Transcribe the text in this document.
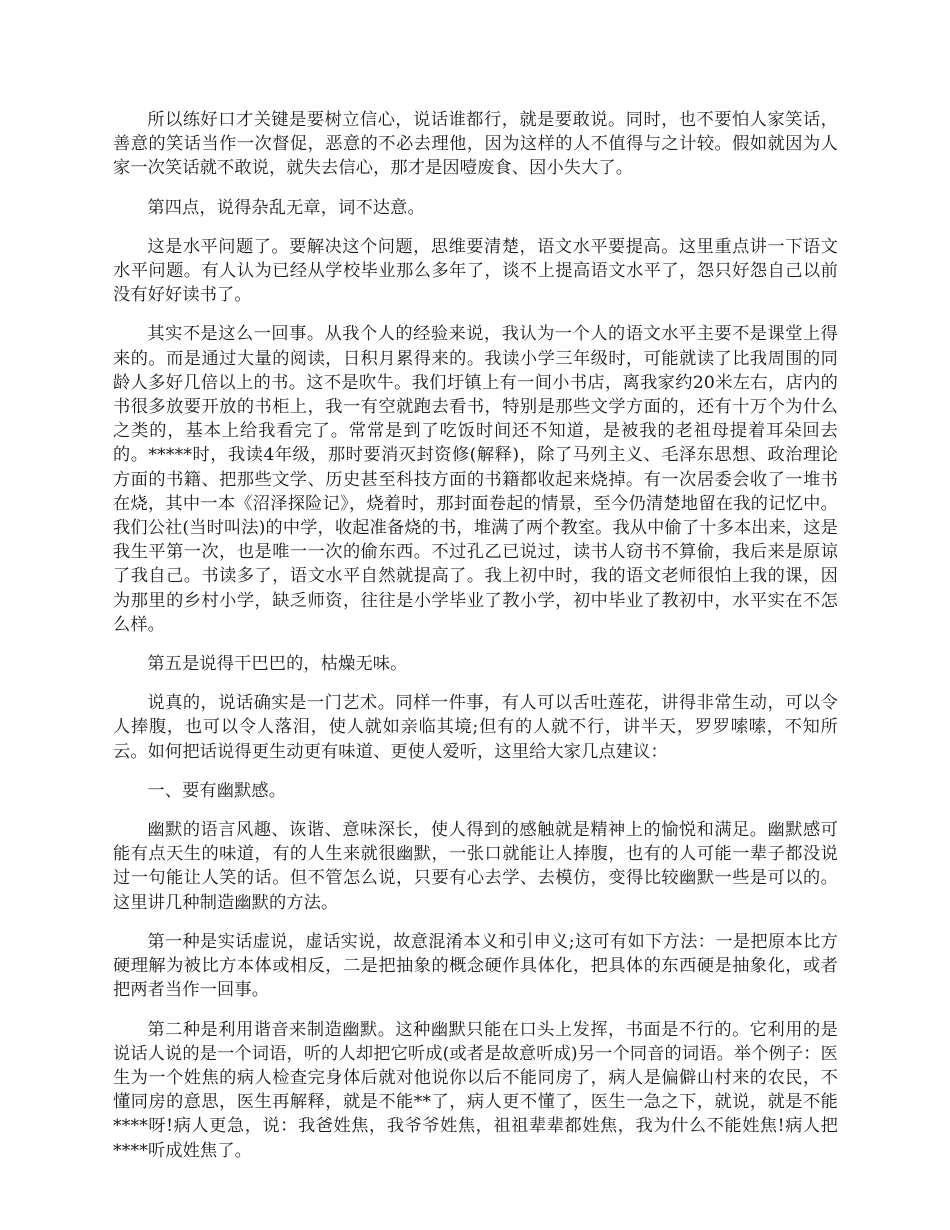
所以练好口才关键是要树立信心，说话谁都行，就是要敢说。同时，也不要怕人家笑话，善意的笑话当作一次督促，恶意的不必去理他，因为这样的人不值得与之计较。假如就因为人家一次笑话就不敢说，就失去信心，那才是因噎废食、因小失大了。

第四点，说得杂乱无章，词不达意。

这是水平问题了。要解决这个问题，思维要清楚，语文水平要提高。这里重点讲一下语文水平问题。有人认为已经从学校毕业那么多年了，谈不上提高语文水平了，怨只好怨自己以前没有好好读书了。

其实不是这么一回事。从我个人的经验来说，我认为一个人的语文水平主要不是课堂上得来的。而是通过大量的阅读，日积月累得来的。我读小学三年级时，可能就读了比我周围的同龄人多好几倍以上的书。这不是吹牛。我们圩镇上有一间小书店，离我家约20米左右，店内的书很多放要开放的书柜上，我一有空就跑去看书，特别是那些文学方面的，还有十万个为什么之类的，基本上给我看完了。常常是到了吃饭时间还不知道，是被我的老祖母提着耳朵回去的。*****时，我读4年级，那时要消灭封资修(解释)，除了马列主义、毛泽东思想、政治理论方面的书籍、把那些文学、历史甚至科技方面的书籍都收起来烧掉。有一次居委会收了一堆书在烧，其中一本《沼泽探险记》，烧着时，那封面卷起的情景，至今仍清楚地留在我的记忆中。我们公社(当时叫法)的中学，收起准备烧的书，堆满了两个教室。我从中偷了十多本出来，这是我生平第一次，也是唯一一次的偷东西。不过孔乙已说过，读书人窃书不算偷，我后来是原谅了我自己。书读多了，语文水平自然就提高了。我上初中时，我的语文老师很怕上我的课，因为那里的乡村小学，缺乏师资，往往是小学毕业了教小学，初中毕业了教初中，水平实在不怎么样。

第五是说得干巴巴的，枯燥无味。

说真的，说话确实是一门艺术。同样一件事，有人可以舌吐莲花，讲得非常生动，可以令人捧腹，也可以令人落泪，使人就如亲临其境;但有的人就不行，讲半天，罗罗嗦嗦，不知所云。如何把话说得更生动更有味道、更使人爱听，这里给大家几点建议：

一、要有幽默感。

幽默的语言风趣、诙谐、意味深长，使人得到的感触就是精神上的愉悦和满足。幽默感可能有点天生的味道，有的人生来就很幽默，一张口就能让人捧腹，也有的人可能一辈子都没说过一句能让人笑的话。但不管怎么说，只要有心去学、去模仿，变得比较幽默一些是可以的。这里讲几种制造幽默的方法。

第一种是实话虚说，虚话实说，故意混淆本义和引申义;这可有如下方法：一是把原本比方硬理解为被比方本体或相反，二是把抽象的概念硬作具体化，把具体的东西硬是抽象化，或者把两者当作一回事。

第二种是利用谐音来制造幽默。这种幽默只能在口头上发挥，书面是不行的。它利用的是说话人说的是一个词语，听的人却把它听成(或者是故意听成)另一个同音的词语。举个例子：医生为一个姓焦的病人检查完身体后就对他说你以后不能同房了，病人是偏僻山村来的农民，不懂同房的意思，医生再解释，就是不能**了，病人更不懂了，医生一急之下，就说，就是不能****呀!病人更急，说：我爸姓焦，我爷爷姓焦，祖祖辈辈都姓焦，我为什么不能姓焦!病人把****听成姓焦了。
